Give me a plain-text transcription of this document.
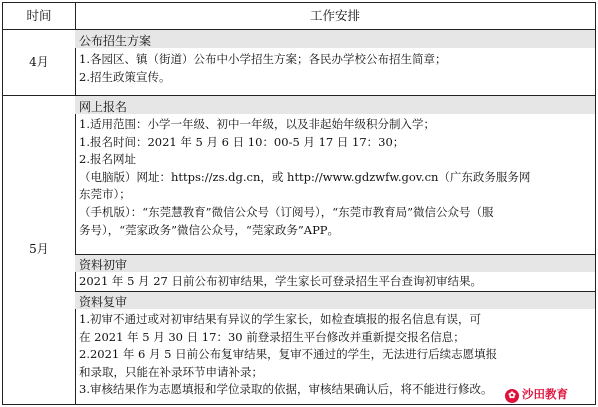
时间	工作安排
4月
公布招生方案
1.各园区、镇（街道）公布中小学招生方案；各民办学校公布招生简章；
2.招生政策宣传。
5月
网上报名
1.适用范围：小学一年级、初中一年级，以及非起始年级积分制入学；
1.报名时间：2021 年 5 月 6 日 10：00-5 月 17 日 17：30；
2.报名网址
（电脑版）网址：https://zs.dg.cn，或 http://www.gdzwfw.gov.cn（广东政务服务网
东莞市）；
（手机版）：“东莞慧教育”微信公众号（订阅号），“东莞市教育局”微信公众号（服
务号），“莞家政务”微信公众号，“莞家政务”APP。
资料初审
2021 年 5 月 27 日前公布初审结果，学生家长可登录招生平台查询初审结果。
资料复审
1.初审不通过或对初审结果有异议的学生家长，如检查填报的报名信息有误，可
在 2021 年 5 月 30 日 17：30 前登录招生平台修改并重新提交报名信息；
2.2021 年 6 月 5 日前公布复审结果，复审不通过的学生，无法进行后续志愿填报
和录取，只能在补录环节申请补录；
3.审核结果作为志愿填报和学位录取的依据，审核结果确认后，将不能进行修改。	✿ 沙田教育
